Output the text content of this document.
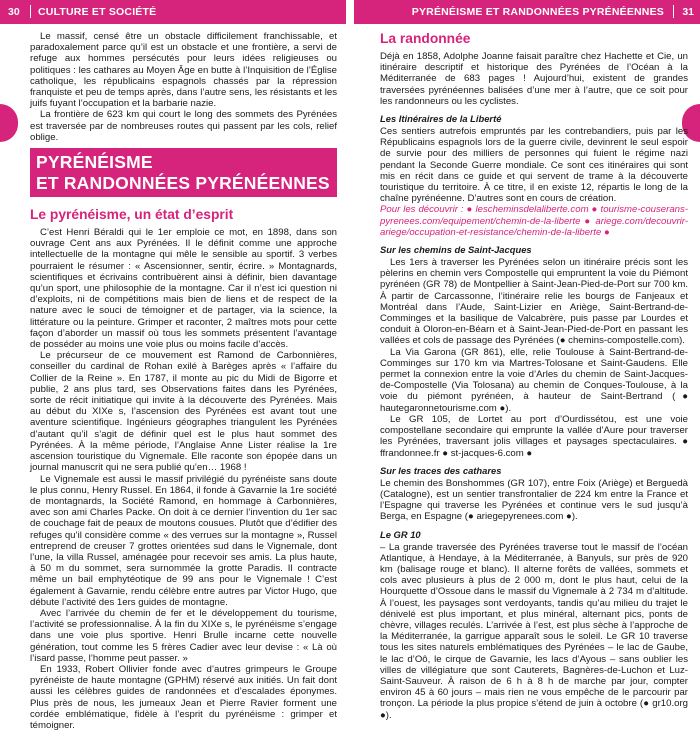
30 CULTURE ET SOCIÉTÉ	PYRÉNÉISME ET RANDONNÉES PYRÉNÉENNES 31

Le massif, censé être un obstacle difficilement franchissable, et paradoxalement parce qu’il est un obstacle et une frontière, a servi de refuge aux hommes persécutés pour leurs idées religieuses ou politiques : les cathares au Moyen Âge en butte à l’Inquisition de l’Église catholique, les républicains espagnols chassés par la répression franquiste et peu de temps après, dans l’autre sens, les résistants et les juifs fuyant l’occupation et la barbarie nazie.

La frontière de 623 km qui court le long des sommets des Pyrénées est traversée par de nombreuses routes qui passent par les cols, relief oblige.

PYRÉNÉISME
ET RANDONNÉES PYRÉNÉENNES
Le pyrénéisme, un état d’esprit

C’est Henri Béraldi qui le 1er emploie ce mot, en 1898, dans son ouvrage Cent ans aux Pyrénées. Il le définit comme une approche intellectuelle de la montagne qui mêle le sensible au sportif. 3 verbes pourraient le résumer : « Ascensionner, sentir, écrire. » Montagnards, scientifiques et écrivains contribuèrent ainsi à définir, bien davantage qu’un sport, une philosophie de la montagne. Car il n’est ici question ni d’exploits, ni de compétitions mais bien de liens et de respect de la nature avec le souci de témoigner et de partager, via la science, la littérature ou la peinture. Grimper et raconter, 2 maîtres mots pour cette façon d’aborder un massif où tous les sommets présentent l’avantage de posséder au moins une voie plus ou moins facile d’accès.

Le précurseur de ce mouvement est Ramond de Carbonnières, conseiller du cardinal de Rohan exilé à Barèges après « l’affaire du Collier de la Reine ». En 1787, il monte au pic du Midi de Bigorre et publie, 2 ans plus tard, ses Observations faites dans les Pyrénées, sorte de récit initiatique qui invite à la découverte des Pyrénées. Mais au début du XIXe s, l’ascension des Pyrénées est avant tout une aventure scientifique. Ingénieurs géographes triangulent les Pyrénées d’autant qu’il s’agit de définir quel est le plus haut sommet des Pyrénées. À la même période, l’Anglaise Anne Lister réalise la 1re ascension touristique du Vignemale. Elle raconte son épopée dans un journal manuscrit qui ne sera publié qu’en… 1968 !

Le Vignemale est aussi le massif privilégié du pyrénéiste sans doute le plus connu, Henry Russel. En 1864, il fonde à Gavarnie la 1re société de montagnards, la Société Ramond, en hommage à Carbonnières, avec son ami Charles Packe. On doit à ce dernier l’invention du 1er sac de couchage fait de peaux de moutons cousues. Plutôt que d’édifier des refuges qu’il considère comme « des verrues sur la montagne », Russel entreprend de creuser 7 grottes orientées sud dans le Vignemale, dont l’une, la villa Russel, aménagée pour recevoir ses amis. La plus haute, à 50 m du sommet, sera surnommée la grotte Paradis. Il contracte même un bail emphytéotique de 99 ans pour le Vignemale ! C’est également à Gavarnie, rendu célèbre entre autres par Victor Hugo, que débute l’activité des 1ers guides de montagne.

Avec l’arrivée du chemin de fer et le développement du tourisme, l’activité se professionnalise. À la fin du XIXe s, le pyrénéisme s’engage dans une voie plus sportive. Henri Brulle incarne cette nouvelle génération, tout comme les 5 frères Cadier avec leur devise : « Là où l’isard passe, l’homme peut passer. »

En 1933, Robert Ollivier fonde avec d’autres grimpeurs le Groupe pyrénéiste de haute montagne (GPHM) réservé aux initiés. Un fait dont aussi les célèbres guides de randonnées et d’escalades éponymes. Plus près de nous, les jumeaux Jean et Pierre Ravier forment une cordée emblématique, fidèle à l’esprit du pyrénéisme : grimper et témoigner.

La randonnée

Déjà en 1858, Adolphe Joanne faisait paraître chez Hachette et Cie, un itinéraire descriptif et historique des Pyrénées de l’Océan à la Méditerranée de 683 pages ! Aujourd’hui, existent de grandes traversées pyrénéennes balisées d’une mer à l’autre, que ce soit pour les randonneurs ou les cyclistes.

Les Itinéraires de la Liberté

Ces sentiers autrefois empruntés par les contrebandiers, puis par les Républicains espagnols lors de la guerre civile, devinrent le seul espoir de survie pour des milliers de personnes qui fuient le régime nazi pendant la Seconde Guerre mondiale. Ce sont ces itinéraires qui sont mis en récit dans ce guide et qui servent de trame à la découverte touristique du territoire. À ce titre, il en existe 12, répartis le long de la chaîne pyrénéenne. D’autres sont en cours de création.

Pour les découvrir : ● lescheminsdelaliberte.com ● tourisme-couserans-pyrenees.com/equipement/chemin-de-la-liberte ● ariege.com/decouvrir-ariege/occupation-et-resistance/chemin-de-la-liberte ●

Sur les chemins de Saint-Jacques

Les 1ers à traverser les Pyrénées selon un itinéraire précis sont les pèlerins en chemin vers Compostelle qui empruntent la voie du Piémont pyrénéen (GR 78) de Montpellier à Saint-Jean-Pied-de-Port sur 700 km. À partir de Carcassonne, l’itinéraire relie les bourgs de Fanjeaux et Montréal dans l’Aude, Saint-Lizier en Ariège, Saint-Bertrand-de-Comminges et la basilique de Valcabrère, puis passe par Lourdes et conduit à Oloron-en-Béarn et à Saint-Jean-Pied-de-Port en passant les vallées et cols de passage des Pyrénées (● chemins-compostelle.com).

La Via Garona (GR 861), elle, relie Toulouse à Saint-Bertrand-de-Comminges sur 170 km via Martres-Tolosane et Saint-Gaudens. Elle permet la connexion entre la voie d’Arles du chemin de Saint-Jacques-de-Compostelle (Via Tolosana) au chemin de Conques-Toulouse, à la voie du piémont pyrénéen, à hauteur de Saint-Bertrand (● hautegaronnetourisme.com ●).

Le GR 105, de Lortet au port d’Ourdissétou, est une voie compostellane secondaire qui emprunte la vallée d’Aure pour traverser les Pyrénées, traversant jolis villages et paysages spectaculaires. ● ffrandonnee.fr ● st-jacques-6.com ●

Sur les traces des cathares

Le chemin des Bonshommes (GR 107), entre Foix (Ariège) et Berguedà (Catalogne), est un sentier transfrontalier de 224 km entre la France et l’Espagne qui traverse les Pyrénées et continue vers le sud jusqu’à Berga, en Espagne (● ariegepyrenees.com ●).

Le GR 10

– La grande traversée des Pyrénées traverse tout le massif de l’océan Atlantique, à Hendaye, à la Méditerranée, à Banyuls, sur près de 920 km (balisage rouge et blanc). Il alterne forêts de vallées, sommets et cols avec plusieurs à plus de 2 000 m, dont le plus haut, celui de la Hourquette d’Ossoue dans le massif du Vignemale à 2 734 m d’altitude. À l’ouest, les paysages sont verdoyants, tandis qu’au milieu du trajet le dénivelé est plus important, et plus minéral, alternant pics, ponts de chèvre, villages reculés. L’arrivée à l’est, est plus sèche à l’approche de la Méditerranée, la garrigue apparaît sous le soleil. Le GR 10 traverse tous les sites naturels emblématiques des Pyrénées – le lac de Gaube, le lac d’Oô, le cirque de Gavarnie, les lacs d’Ayous – sans oublier les villes de villégiature que sont Cauterets, Bagnères-de-Luchon et Luz-Saint-Sauveur. À raison de 6 h à 8 h de marche par jour, compter environ 45 à 60 jours – mais rien ne vous empêche de le parcourir par tronçon. La période la plus propice s’étend de juin à octobre (● gr10.org ●).
